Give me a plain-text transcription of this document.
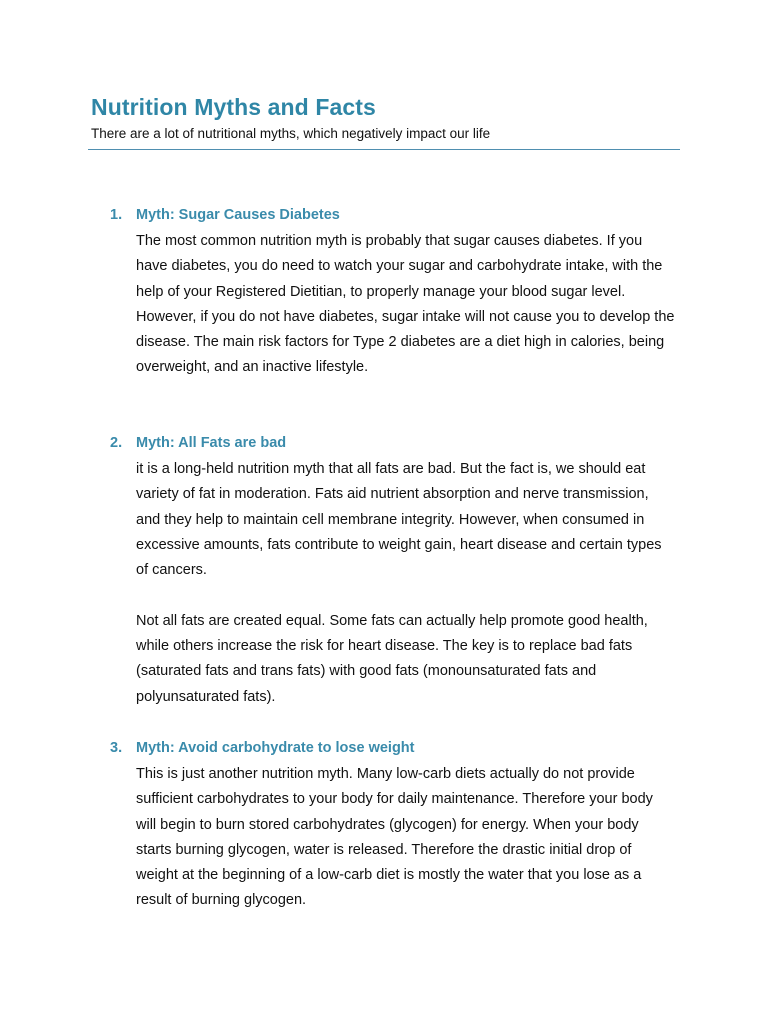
Nutrition Myths and Facts
There are a lot of nutritional myths, which negatively impact our life
1. Myth: Sugar Causes Diabetes

The most common nutrition myth is probably that sugar causes diabetes. If you have diabetes, you do need to watch your sugar and carbohydrate intake, with the help of your Registered Dietitian, to properly manage your blood sugar level. However, if you do not have diabetes, sugar intake will not cause you to develop the disease. The main risk factors for Type 2 diabetes are a diet high in calories, being overweight, and an inactive lifestyle.

2. Myth: All Fats are bad

it is a long-held nutrition myth that all fats are bad. But the fact is, we should eat variety of fat in moderation. Fats aid nutrient absorption and nerve transmission, and they help to maintain cell membrane integrity. However, when consumed in excessive amounts, fats contribute to weight gain, heart disease and certain types of cancers.

Not all fats are created equal. Some fats can actually help promote good health, while others increase the risk for heart disease. The key is to replace bad fats (saturated fats and trans fats) with good fats (monounsaturated fats and polyunsaturated fats).

3. Myth: Avoid carbohydrate to lose weight

This is just another nutrition myth. Many low-carb diets actually do not provide sufficient carbohydrates to your body for daily maintenance. Therefore your body will begin to burn stored carbohydrates (glycogen) for energy. When your body starts burning glycogen, water is released. Therefore the drastic initial drop of weight at the beginning of a low-carb diet is mostly the water that you lose as a result of burning glycogen.
